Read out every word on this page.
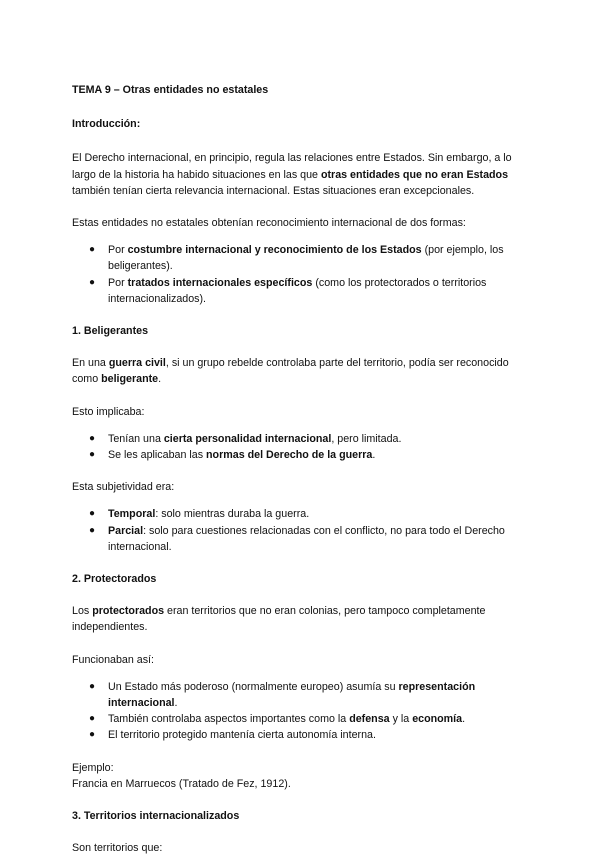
TEMA 9 – Otras entidades no estatales

Introducción:

El Derecho internacional, en principio, regula las relaciones entre Estados. Sin embargo, a lo largo de la historia ha habido situaciones en las que otras entidades que no eran Estados también tenían cierta relevancia internacional. Estas situaciones eran excepcionales.

Estas entidades no estatales obtenían reconocimiento internacional de dos formas:

● Por costumbre internacional y reconocimiento de los Estados (por ejemplo, los beligerantes).
● Por tratados internacionales específicos (como los protectorados o territorios internacionalizados).

1. Beligerantes

En una guerra civil, si un grupo rebelde controlaba parte del territorio, podía ser reconocido como beligerante.

Esto implicaba:

● Tenían una cierta personalidad internacional, pero limitada.
● Se les aplicaban las normas del Derecho de la guerra.

Esta subjetividad era:

● Temporal: solo mientras duraba la guerra.
● Parcial: solo para cuestiones relacionadas con el conflicto, no para todo el Derecho internacional.

2. Protectorados

Los protectorados eran territorios que no eran colonias, pero tampoco completamente independientes.

Funcionaban así:

● Un Estado más poderoso (normalmente europeo) asumía su representación internacional.
● También controlaba aspectos importantes como la defensa y la economía.
● El territorio protegido mantenía cierta autonomía interna.

Ejemplo:

Francia en Marruecos (Tratado de Fez, 1912).

3. Territorios internacionalizados

Son territorios que:
